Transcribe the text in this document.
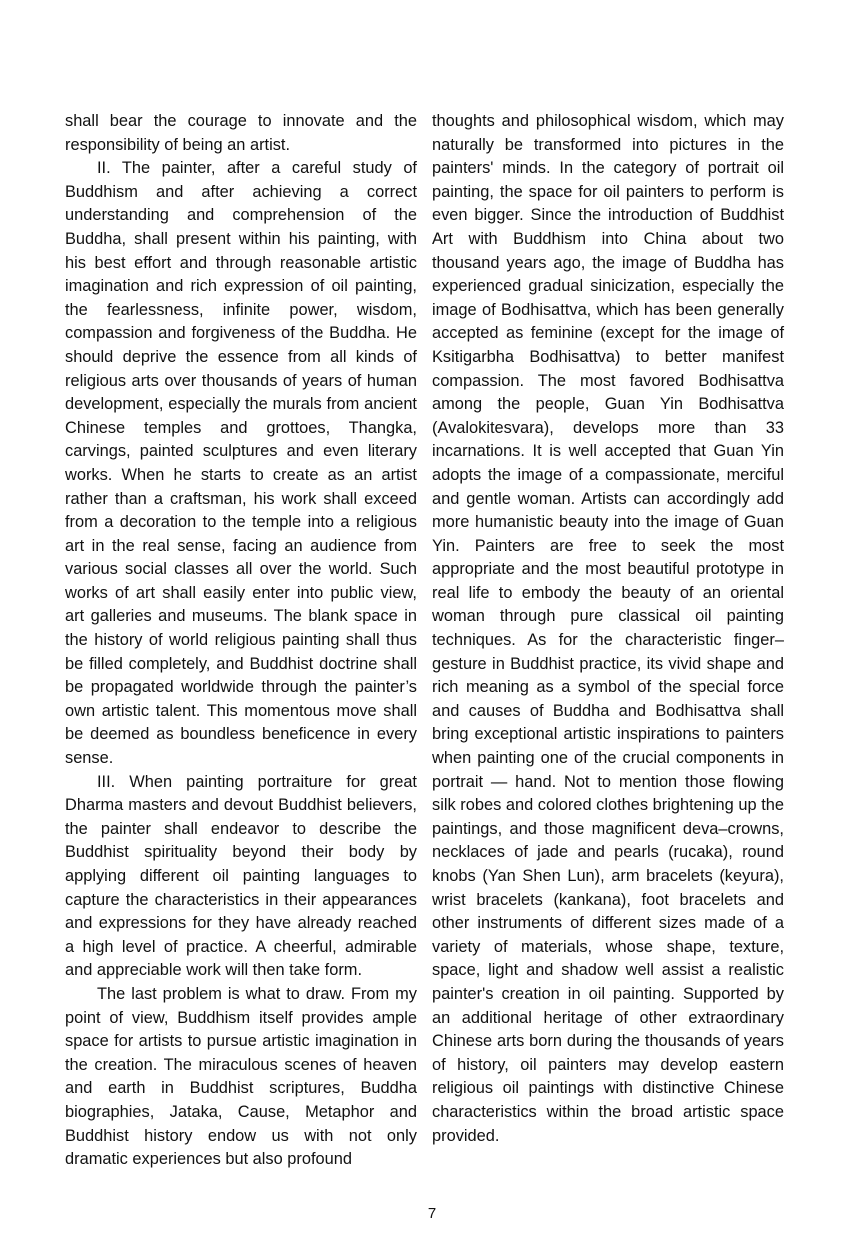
shall bear the courage to innovate and the responsibility of being an artist.

II. The painter, after a careful study of Buddhism and after achieving a correct understanding and comprehension of the Buddha, shall present within his painting, with his best effort and through reasonable artistic imagination and rich expression of oil painting, the fearlessness, infinite power, wisdom, compassion and forgiveness of the Buddha. He should deprive the essence from all kinds of religious arts over thousands of years of human development, especially the murals from ancient Chinese temples and grottoes, Thangka, carvings, painted sculptures and even literary works. When he starts to create as an artist rather than a craftsman, his work shall exceed from a decoration to the temple into a religious art in the real sense, facing an audience from various social classes all over the world. Such works of art shall easily enter into public view, art galleries and museums. The blank space in the history of world religious painting shall thus be filled completely, and Buddhist doctrine shall be propagated worldwide through the painter’s own artistic talent. This momentous move shall be deemed as boundless beneficence in every sense.

III. When painting portraiture for great Dharma masters and devout Buddhist believers, the painter shall endeavor to describe the Buddhist spirituality beyond their body by applying different oil painting languages to capture the characteristics in their appearances and expressions for they have already reached a high level of practice. A cheerful, admirable and appreciable work will then take form.

The last problem is what to draw. From my point of view, Buddhism itself provides ample space for artists to pursue artistic imagination in the creation. The miraculous scenes of heaven and earth in Buddhist scriptures, Buddha biographies, Jataka, Cause, Metaphor and Buddhist history endow us with not only dramatic experiences but also profound

thoughts and philosophical wisdom, which may naturally be transformed into pictures in the painters' minds. In the category of portrait oil painting, the space for oil painters to perform is even bigger. Since the introduction of Buddhist Art with Buddhism into China about two thousand years ago, the image of Buddha has experienced gradual sinicization, especially the image of Bodhisattva, which has been generally accepted as feminine (except for the image of Ksitigarbha Bodhisattva) to better manifest compassion. The most favored Bodhisattva among the people, Guan Yin Bodhisattva (Avalokitesvara), develops more than 33 incarnations. It is well accepted that Guan Yin adopts the image of a compassionate, merciful and gentle woman. Artists can accordingly add more humanistic beauty into the image of Guan Yin. Painters are free to seek the most appropriate and the most beautiful prototype in real life to embody the beauty of an oriental woman through pure classical oil painting techniques. As for the characteristic finger–gesture in Buddhist practice, its vivid shape and rich meaning as a symbol of the special force and causes of Buddha and Bodhisattva shall bring exceptional artistic inspirations to painters when painting one of the crucial components in portrait — hand. Not to mention those flowing silk robes and colored clothes brightening up the paintings, and those magnificent deva–crowns, necklaces of jade and pearls (rucaka), round knobs (Yan Shen Lun), arm bracelets (keyura), wrist bracelets (kankana), foot bracelets and other instruments of different sizes made of a variety of materials, whose shape, texture, space, light and shadow well assist a realistic painter's creation in oil painting. Supported by an additional heritage of other extraordinary Chinese arts born during the thousands of years of history, oil painters may develop eastern religious oil paintings with distinctive Chinese characteristics within the broad artistic space provided.

7
